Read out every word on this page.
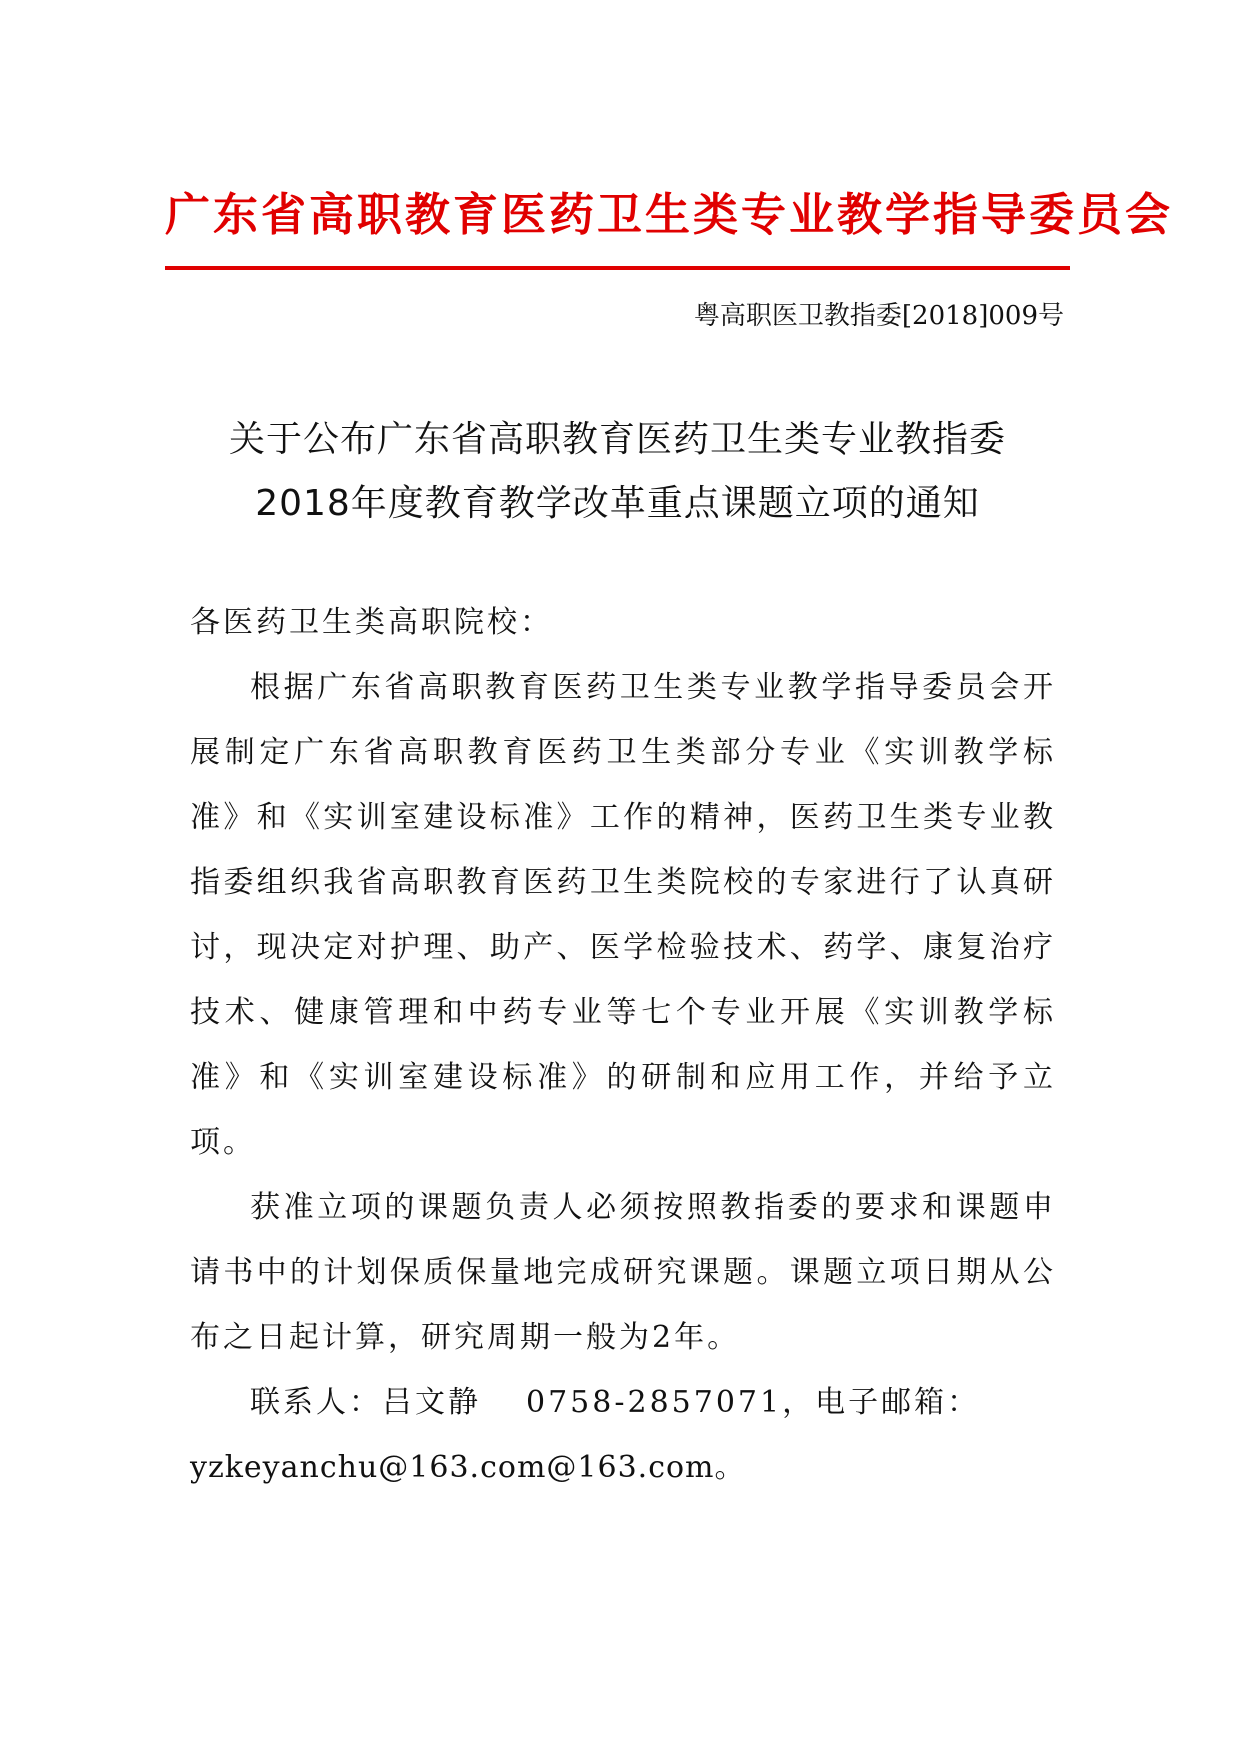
广东省高职教育医药卫生类专业教学指导委员会
粤高职医卫教指委[2018]009号
关于公布广东省高职教育医药卫生类专业教指委
2018年度教育教学改革重点课题立项的通知

各医药卫生类高职院校：

根据广东省高职教育医药卫生类专业教学指导委员会开展制定广东省高职教育医药卫生类部分专业《实训教学标准》和《实训室建设标准》工作的精神，医药卫生类专业教指委组织我省高职教育医药卫生类院校的专家进行了认真研讨，现决定对护理、助产、医学检验技术、药学、康复治疗技术、健康管理和中药专业等七个专业开展《实训教学标准》和《实训室建设标准》的研制和应用工作，并给予立项。

获准立项的课题负责人必须按照教指委的要求和课题申请书中的计划保质保量地完成研究课题。课题立项日期从公布之日起计算，研究周期一般为2年。

联系人：吕文静 0758-2857071，电子邮箱：

yzkeyanchu@163.com@163.com。
